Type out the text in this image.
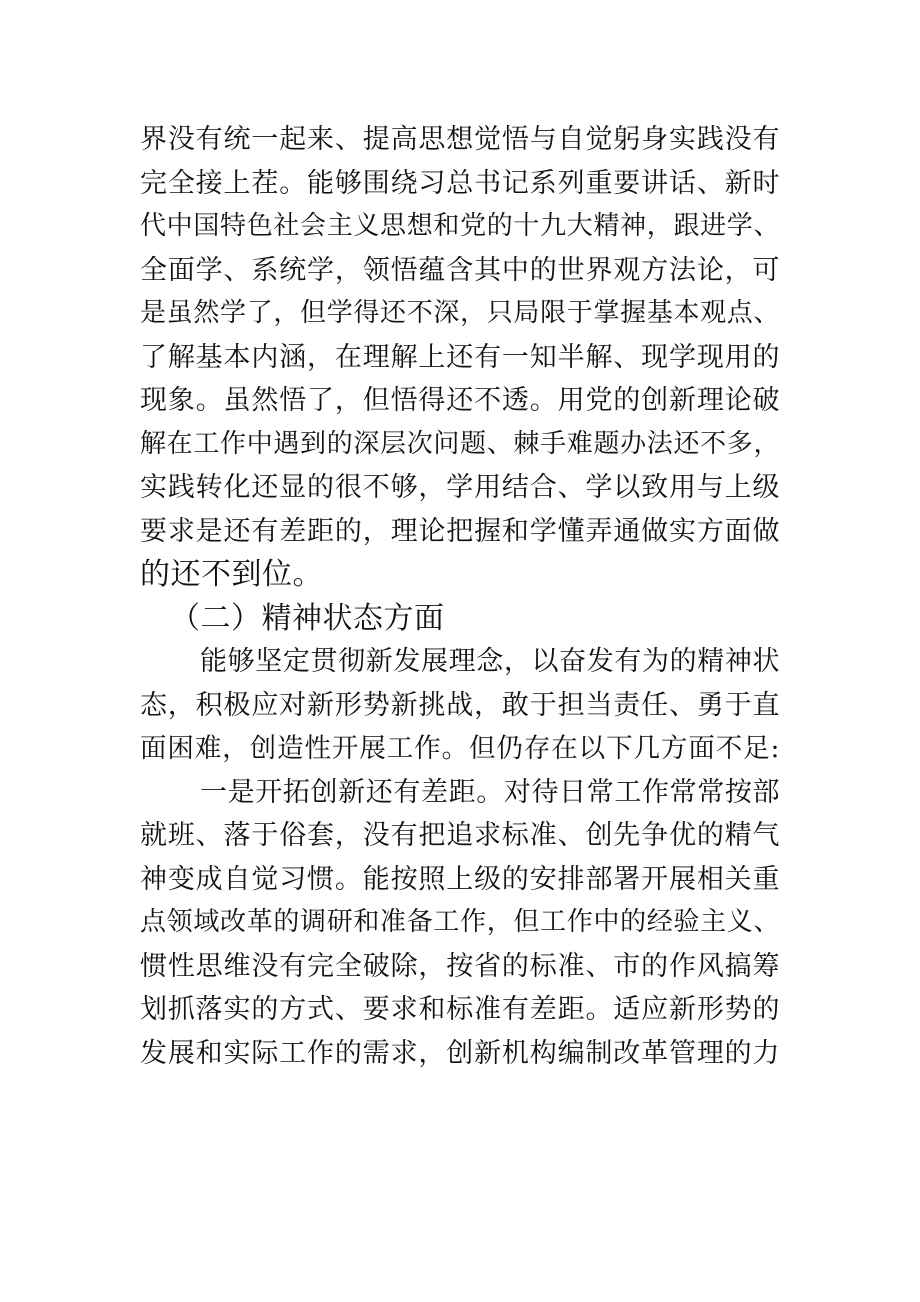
界没有统一起来、提高思想觉悟与自觉躬身实践没有
完全接上茬。能够围绕习总书记系列重要讲话、新时
代中国特色社会主义思想和党的十九大精神，跟进学、
全面学、系统学，领悟蕴含其中的世界观方法论，可
是虽然学了，但学得还不深，只局限于掌握基本观点、
了解基本内涵，在理解上还有一知半解、现学现用的
现象。虽然悟了，但悟得还不透。用党的创新理论破
解在工作中遇到的深层次问题、棘手难题办法还不多，
实践转化还显的很不够，学用结合、学以致用与上级
要求是还有差距的，理论把握和学懂弄通做实方面做
的还不到位。
（二）精神状态方面
能够坚定贯彻新发展理念，以奋发有为的精神状
态，积极应对新形势新挑战，敢于担当责任、勇于直
面困难，创造性开展工作。但仍存在以下几方面不足:
一是开拓创新还有差距。对待日常工作常常按部
就班、落于俗套，没有把追求标准、创先争优的精气
神变成自觉习惯。能按照上级的安排部署开展相关重
点领域改革的调研和准备工作，但工作中的经验主义、
惯性思维没有完全破除，按省的标准、市的作风搞筹
划抓落实的方式、要求和标准有差距。适应新形势的
发展和实际工作的需求，创新机构编制改革管理的力
